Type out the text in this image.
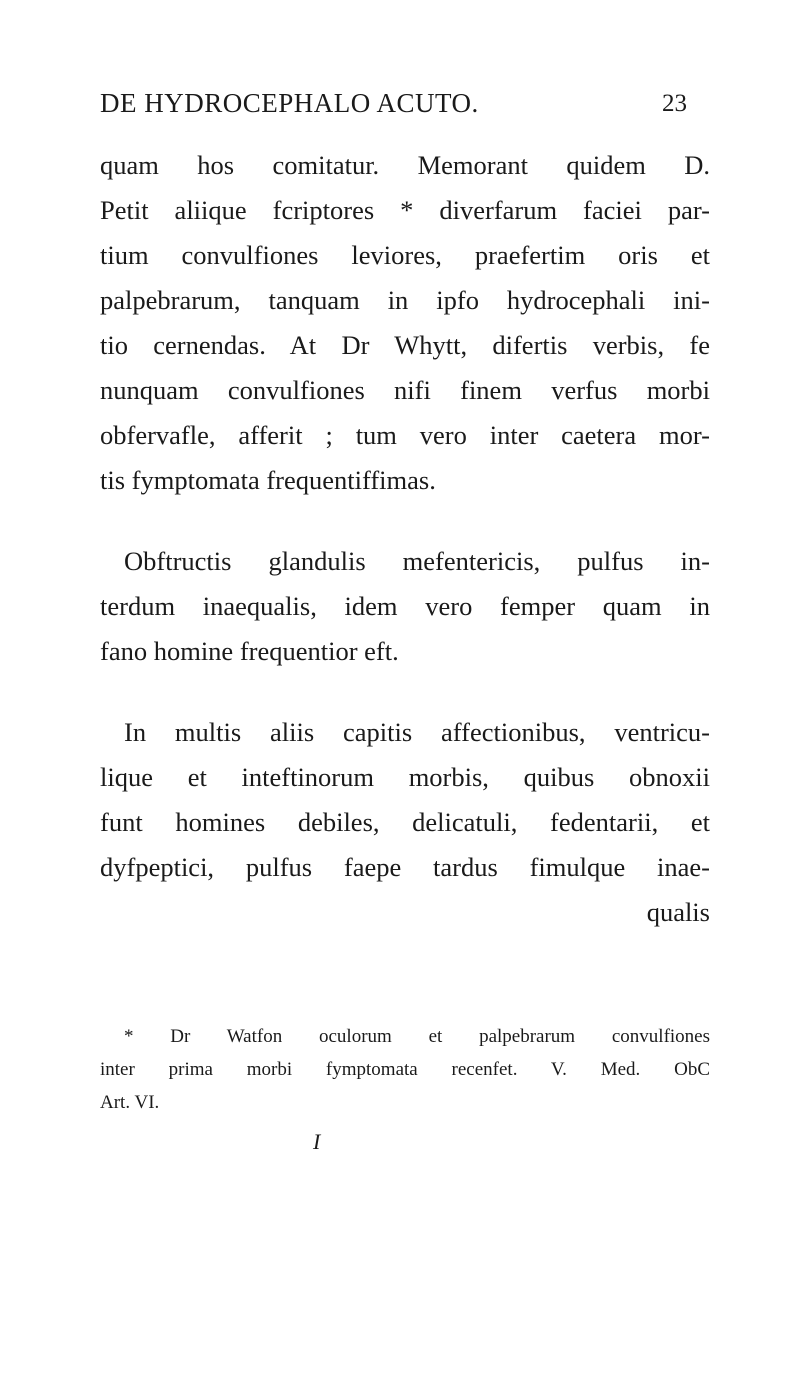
DE HYDROCEPHALO ACUTO.	23
quam hos comitatur. Memorant quidem D.
Petit aliique fcriptores * diverfarum faciei par-
tium convulfiones leviores, praefertim oris et
palpebrarum, tanquam in ipfo hydrocephali ini-
tio cernendas. At Dr Whytt, difertis verbis, fe
nunquam convulfiones nifi finem verfus morbi
obfervafle, afferit ; tum vero inter caetera mor-
tis fymptomata frequentiffimas.
Obftructis glandulis mefentericis, pulfus in-
terdum inaequalis, idem vero femper quam in
fano homine frequentior eft.
In multis aliis capitis affectionibus, ventricu-
lique et inteftinorum morbis, quibus obnoxii
funt homines debiles, delicatuli, fedentarii, et
dyfpeptici, pulfus faepe tardus fimulque inae-
qualis
* Dr Watfon oculorum et palpebrarum convulfiones
inter prima morbi fymptomata recenfet. V. Med. ObC
Art. VI.
I
